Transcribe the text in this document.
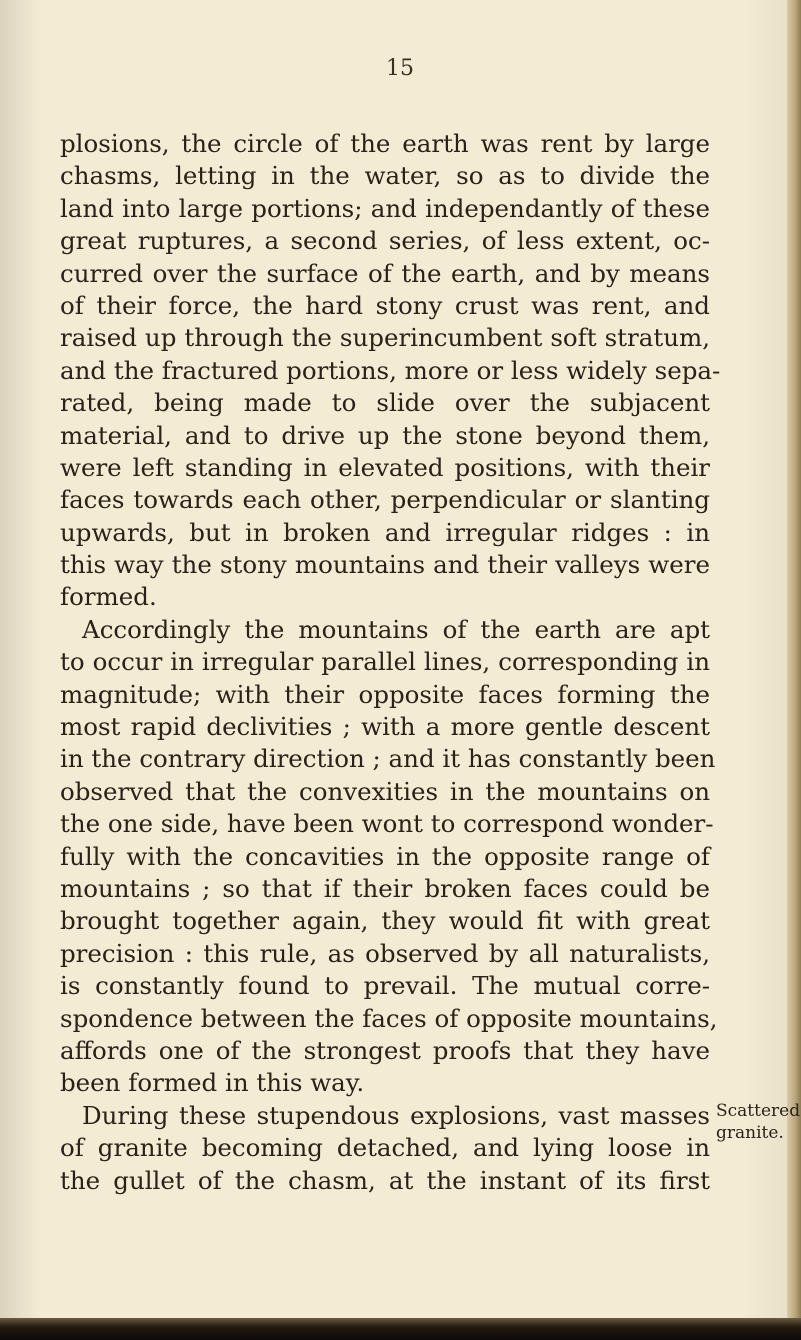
15
plosions, the circle of the earth was rent by large
chasms, letting in the water, so as to divide the
land into large portions; and independantly of these
great ruptures, a second series, of less extent, oc-
curred over the surface of the earth, and by means
of their force, the hard stony crust was rent, and
raised up through the superincumbent soft stratum,
and the fractured portions, more or less widely sepa-
rated, being made to slide over the subjacent
material, and to drive up the stone beyond them,
were left standing in elevated positions, with their
faces towards each other, perpendicular or slanting
upwards, but in broken and irregular ridges : in
this way the stony mountains and their valleys were
formed.
Accordingly the mountains of the earth are apt
to occur in irregular parallel lines, corresponding in
magnitude; with their opposite faces forming the
most rapid declivities ; with a more gentle descent
in the contrary direction ; and it has constantly been
observed that the convexities in the mountains on
the one side, have been wont to correspond wonder-
fully with the concavities in the opposite range of
mountains ; so that if their broken faces could be
brought together again, they would fit with great
precision : this rule, as observed by all naturalists,
is constantly found to prevail. The mutual corre-
spondence between the faces of opposite mountains,
affords one of the strongest proofs that they have
been formed in this way.
During these stupendous explosions, vast masses
of granite becoming detached, and lying loose in
the gullet of the chasm, at the instant of its first
Scattered
granite.
